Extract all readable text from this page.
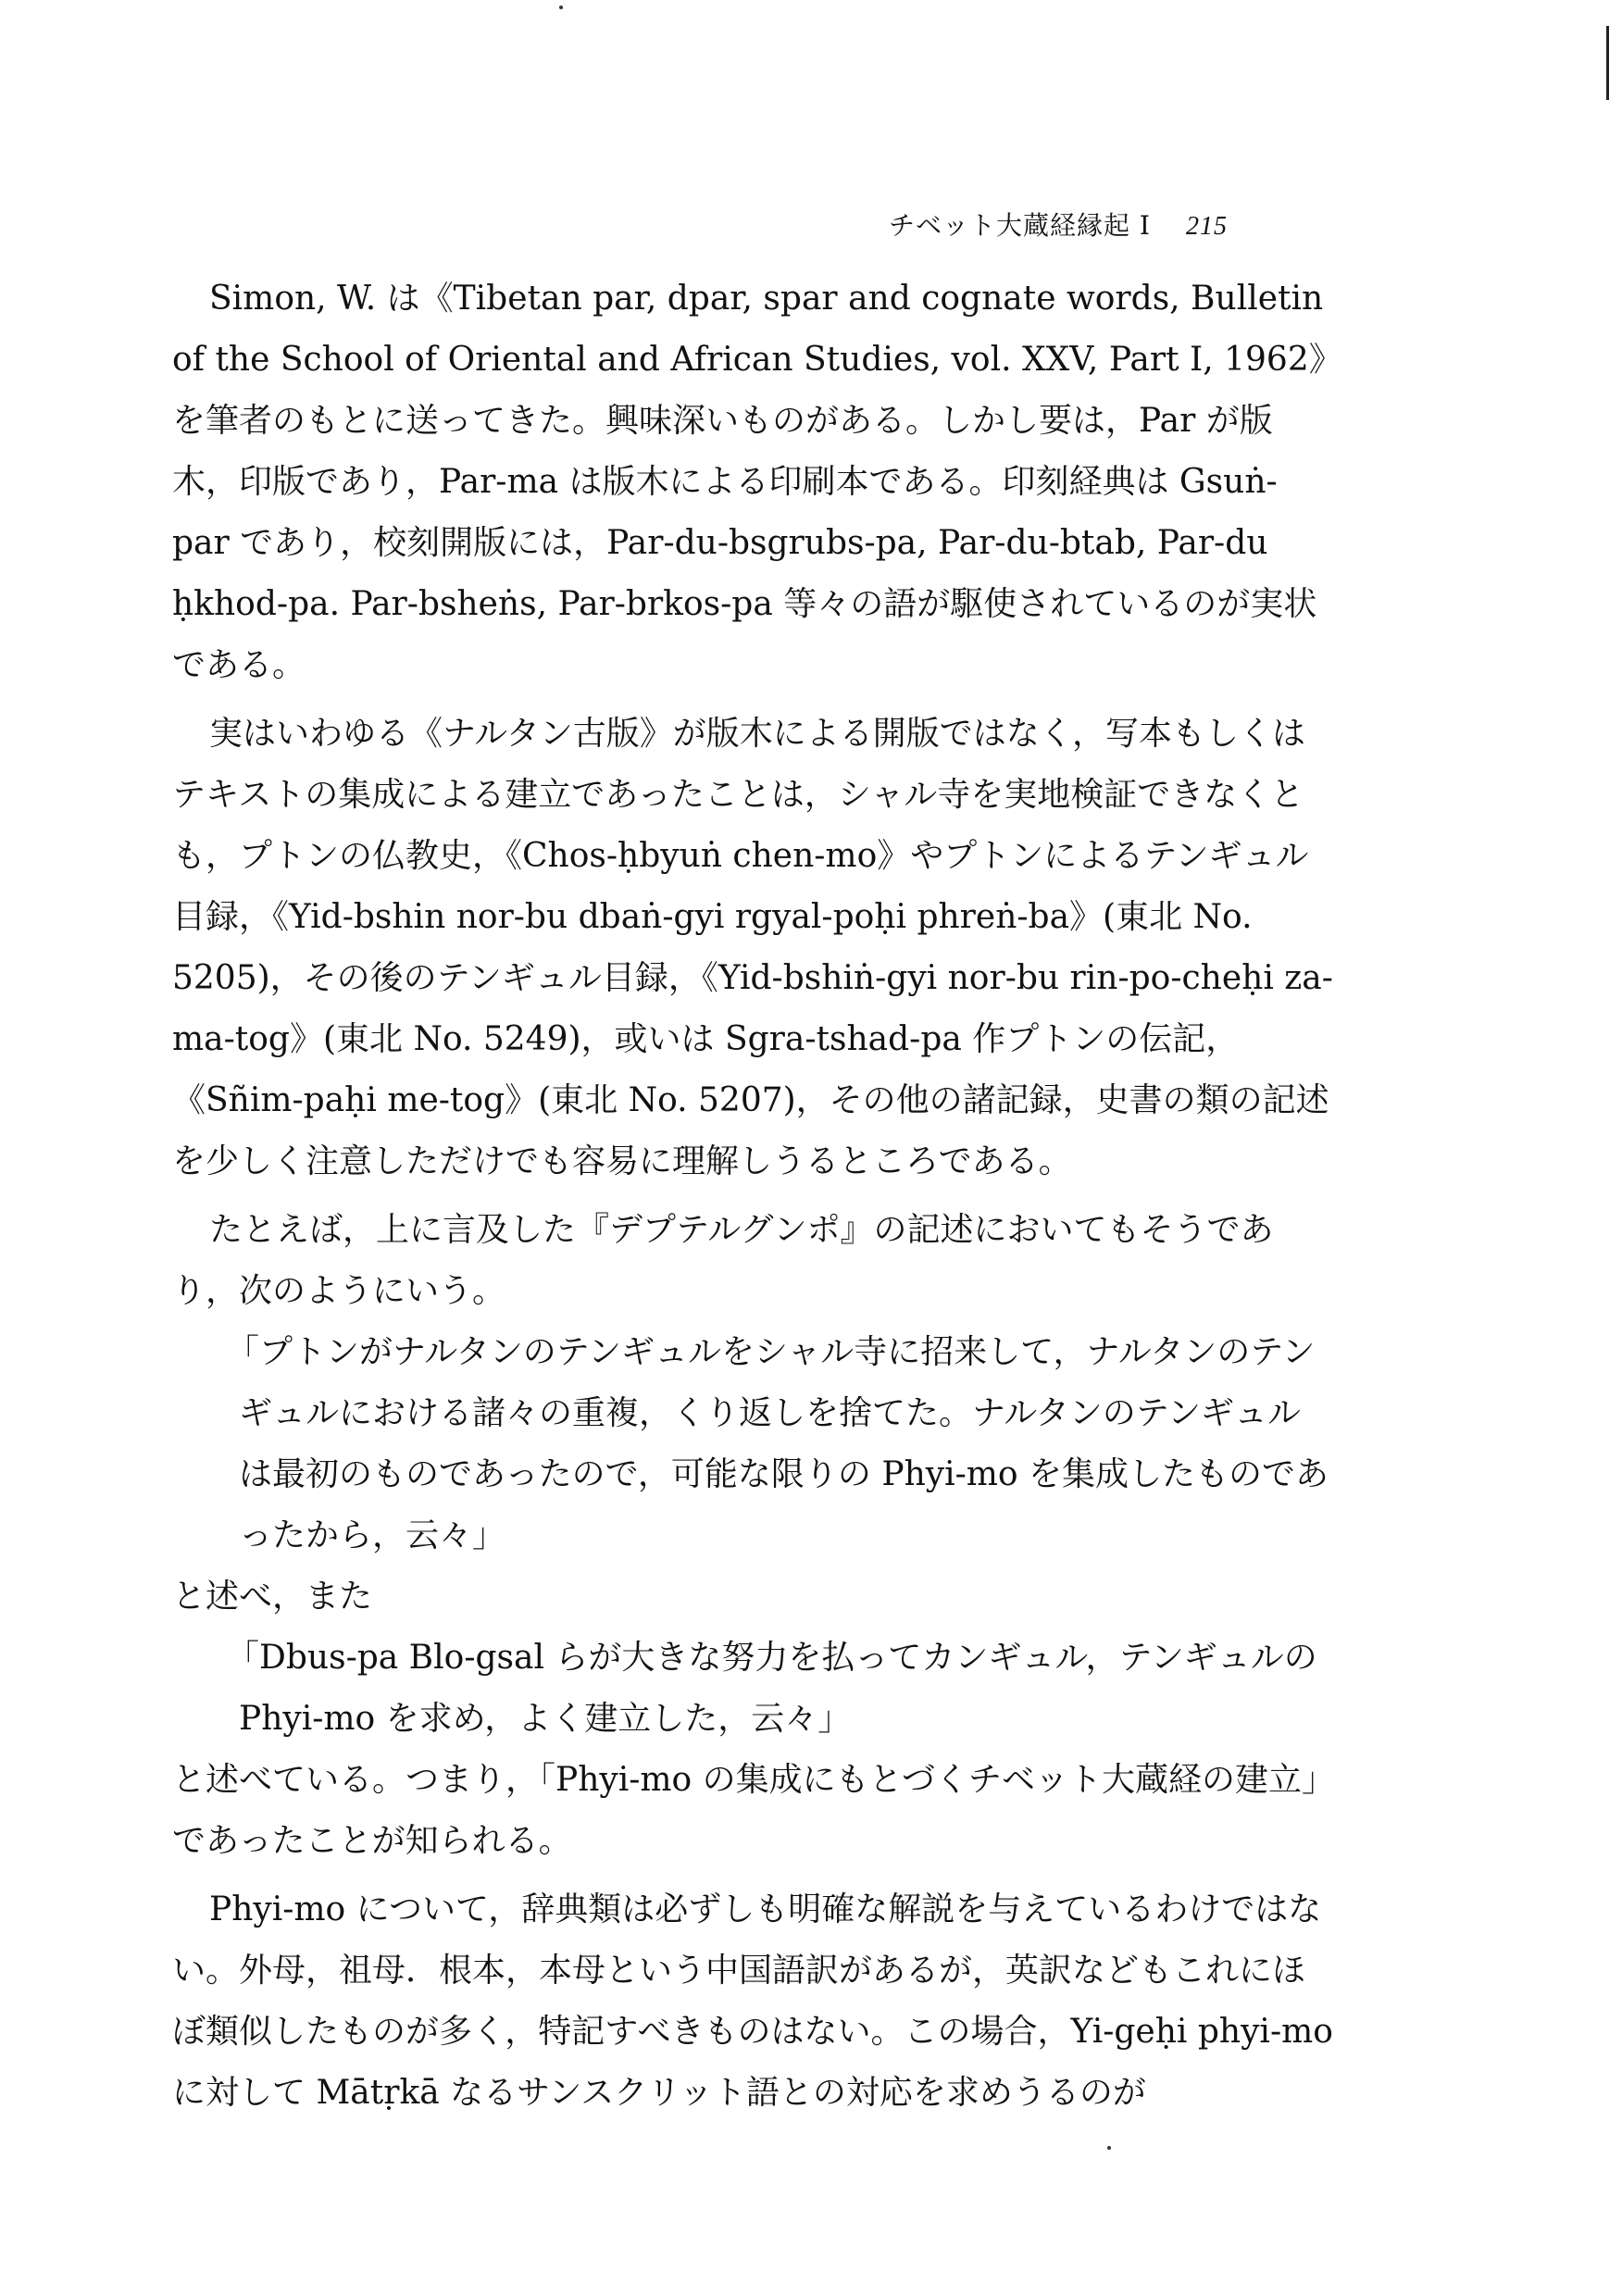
チベット大蔵経縁起 I 215

Simon, W. は《Tibetan par, dpar, spar and cognate words, Bulletin of the School of Oriental and African Studies, vol. XXV, Part I, 1962》を筆者のもとに送ってきた。興味深いものがある。しかし要は，Par が版木，印版であり，Par-ma は版木による印刷本である。印刻経典は Gsuṅ-par であり，校刻開版には，Par-du-bsgrubs-pa, Par-du-btab, Par-du ḥkhod-pa. Par-bsheṅs, Par-brkos-pa 等々の語が駆使されているのが実状である。

実はいわゆる《ナルタン古版》が版木による開版ではなく，写本もしくはテキストの集成による建立であったことは，シャル寺を実地検証できなくとも，プトンの仏教史，《Chos-ḥbyuṅ chen-mo》やプトンによるテンギュル目録，《Yid-bshin nor-bu dbaṅ-gyi rgyal-poḥi phreṅ-ba》(東北 No. 5205)，その後のテンギュル目録，《Yid-bshiṅ-gyi nor-bu rin-po-cheḥi za-ma-tog》(東北 No. 5249)，或いは Sgra-tshad-pa 作プトンの伝記，《Sñim-paḥi me-tog》(東北 No. 5207)，その他の諸記録，史書の類の記述を少しく注意しただけでも容易に理解しうるところである。

たとえば，上に言及した『デプテルグンポ』の記述においてもそうであり，次のようにいう。

「プトンがナルタンのテンギュルをシャル寺に招来して，ナルタンのテンギュルにおける諸々の重複，くり返しを捨てた。ナルタンのテンギュルは最初のものであったので，可能な限りの Phyi-mo を集成したものであったから，云々」

と述べ，また

「Dbus-pa Blo-gsal らが大きな努力を払ってカンギュル，テンギュルの Phyi-mo を求め，よく建立した，云々」

と述べている。つまり，「Phyi-mo の集成にもとづくチベット大蔵経の建立」であったことが知られる。

Phyi-mo について，辞典類は必ずしも明確な解説を与えているわけではない。外母，祖母．根本，本母という中国語訳があるが，英訳などもこれにほぼ類似したものが多く，特記すべきものはない。この場合，Yi-geḥi phyi-mo に対して Mātṛkā なるサンスクリット語との対応を求めうるのが
